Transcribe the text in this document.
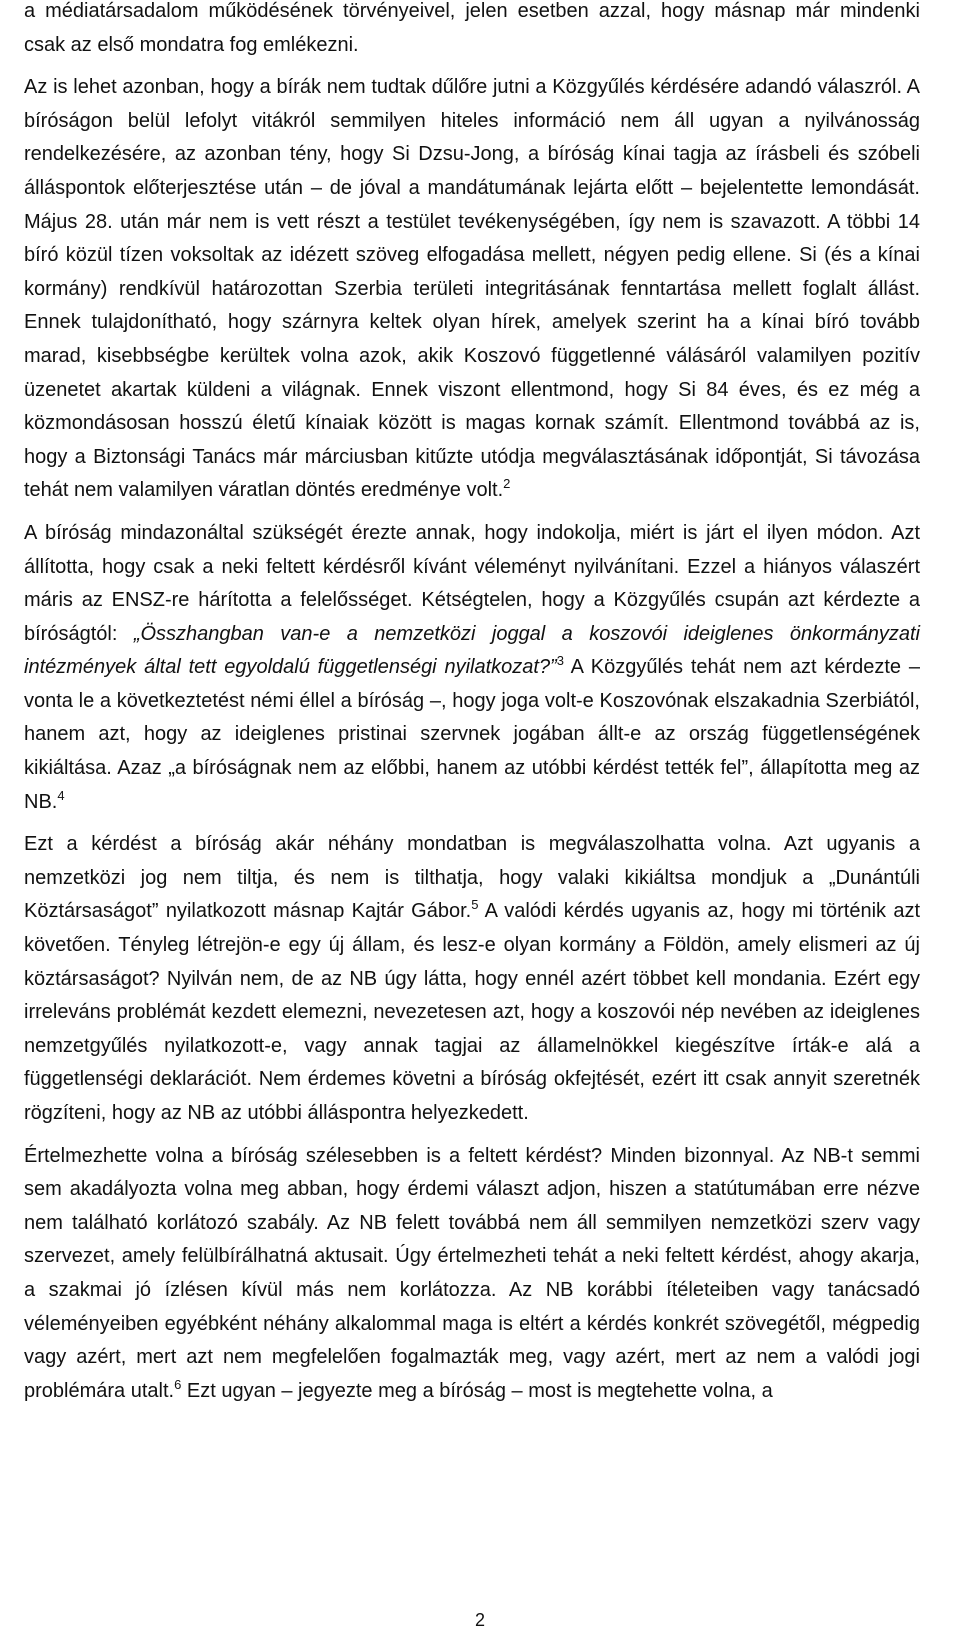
a médiatársadalom működésének törvényeivel, jelen esetben azzal, hogy másnap már mindenki csak az első mondatra fog emlékezni.

Az is lehet azonban, hogy a bírák nem tudtak dűlőre jutni a Közgyűlés kérdésére adandó válaszról. A bíróságon belül lefolyt vitákról semmilyen hiteles információ nem áll ugyan a nyilvánosság rendelkezésére, az azonban tény, hogy Si Dzsu-Jong, a bíróság kínai tagja az írásbeli és szóbeli álláspontok előterjesztése után – de jóval a mandátumának lejárta előtt – bejelentette lemondását. Május 28. után már nem is vett részt a testület tevékenységében, így nem is szavazott. A többi 14 bíró közül tízen voksoltak az idézett szöveg elfogadása mellett, négyen pedig ellene. Si (és a kínai kormány) rendkívül határozottan Szerbia területi integritásának fenntartása mellett foglalt állást. Ennek tulajdonítható, hogy szárnyra keltek olyan hírek, amelyek szerint ha a kínai bíró tovább marad, kisebbségbe kerültek volna azok, akik Koszovó függetlenné válásáról valamilyen pozitív üzenetet akartak küldeni a világnak. Ennek viszont ellentmond, hogy Si 84 éves, és ez még a közmondásosan hosszú életű kínaiak között is magas kornak számít. Ellentmond továbbá az is, hogy a Biztonsági Tanács már márciusban kitűzte utódja megválasztásának időpontját, Si távozása tehát nem valamilyen váratlan döntés eredménye volt.$^2$

A bíróság mindazonáltal szükségét érezte annak, hogy indokolja, miért is járt el ilyen módon. Azt állította, hogy csak a neki feltett kérdésről kívánt véleményt nyilvánítani. Ezzel a hiányos válaszért máris az ENSZ-re hárította a felelősséget. Kétségtelen, hogy a Közgyűlés csupán azt kérdezte a bíróságtól: „Összhangban van-e a nemzetközi joggal a koszovói ideiglenes önkormányzati intézmények által tett egyoldalú függetlenségi nyilatkozat?”$^3$ A Közgyűlés tehát nem azt kérdezte – vonta le a következtetést némi éllel a bíróság –, hogy joga volt-e Koszovónak elszakadnia Szerbiától, hanem azt, hogy az ideiglenes pristinai szervnek jogában állt-e az ország függetlenségének kikiáltása. Azaz „a bíróságnak nem az előbbi, hanem az utóbbi kérdést tették fel”, állapította meg az NB.$^4$

Ezt a kérdést a bíróság akár néhány mondatban is megválaszolhatta volna. Azt ugyanis a nemzetközi jog nem tiltja, és nem is tilthatja, hogy valaki kikiáltsa mondjuk a „Dunántúli Köztársaságot” nyilatkozott másnap Kajtár Gábor.$^5$ A valódi kérdés ugyanis az, hogy mi történik azt követően. Tényleg létrejön-e egy új állam, és lesz-e olyan kormány a Földön, amely elismeri az új köztársaságot? Nyilván nem, de az NB úgy látta, hogy ennél azért többet kell mondania. Ezért egy irreleváns problémát kezdett elemezni, nevezetesen azt, hogy a koszovói nép nevében az ideiglenes nemzetgyűlés nyilatkozott-e, vagy annak tagjai az államelnökkel kiegészítve írták-e alá a függetlenségi deklarációt. Nem érdemes követni a bíróság okfejtését, ezért itt csak annyit szeretnék rögzíteni, hogy az NB az utóbbi álláspontra helyezkedett.

Értelmezhette volna a bíróság szélesebben is a feltett kérdést? Minden bizonnyal. Az NB-t semmi sem akadályozta volna meg abban, hogy érdemi választ adjon, hiszen a statútumában erre nézve nem található korlátozó szabály. Az NB felett továbbá nem áll semmilyen nemzetközi szerv vagy szervezet, amely felülbírálhatná aktusait. Úgy értelmezheti tehát a neki feltett kérdést, ahogy akarja, a szakmai jó ízlésen kívül más nem korlátozza. Az NB korábbi ítéleteiben vagy tanácsadó véleményeiben egyébként néhány alkalommal maga is eltért a kérdés konkrét szövegétől, mégpedig vagy azért, mert azt nem megfelelően fogalmazták meg, vagy azért, mert az nem a valódi jogi problémára utalt.$^6$ Ezt ugyan – jegyezte meg a bíróság – most is megtehette volna, a

2
